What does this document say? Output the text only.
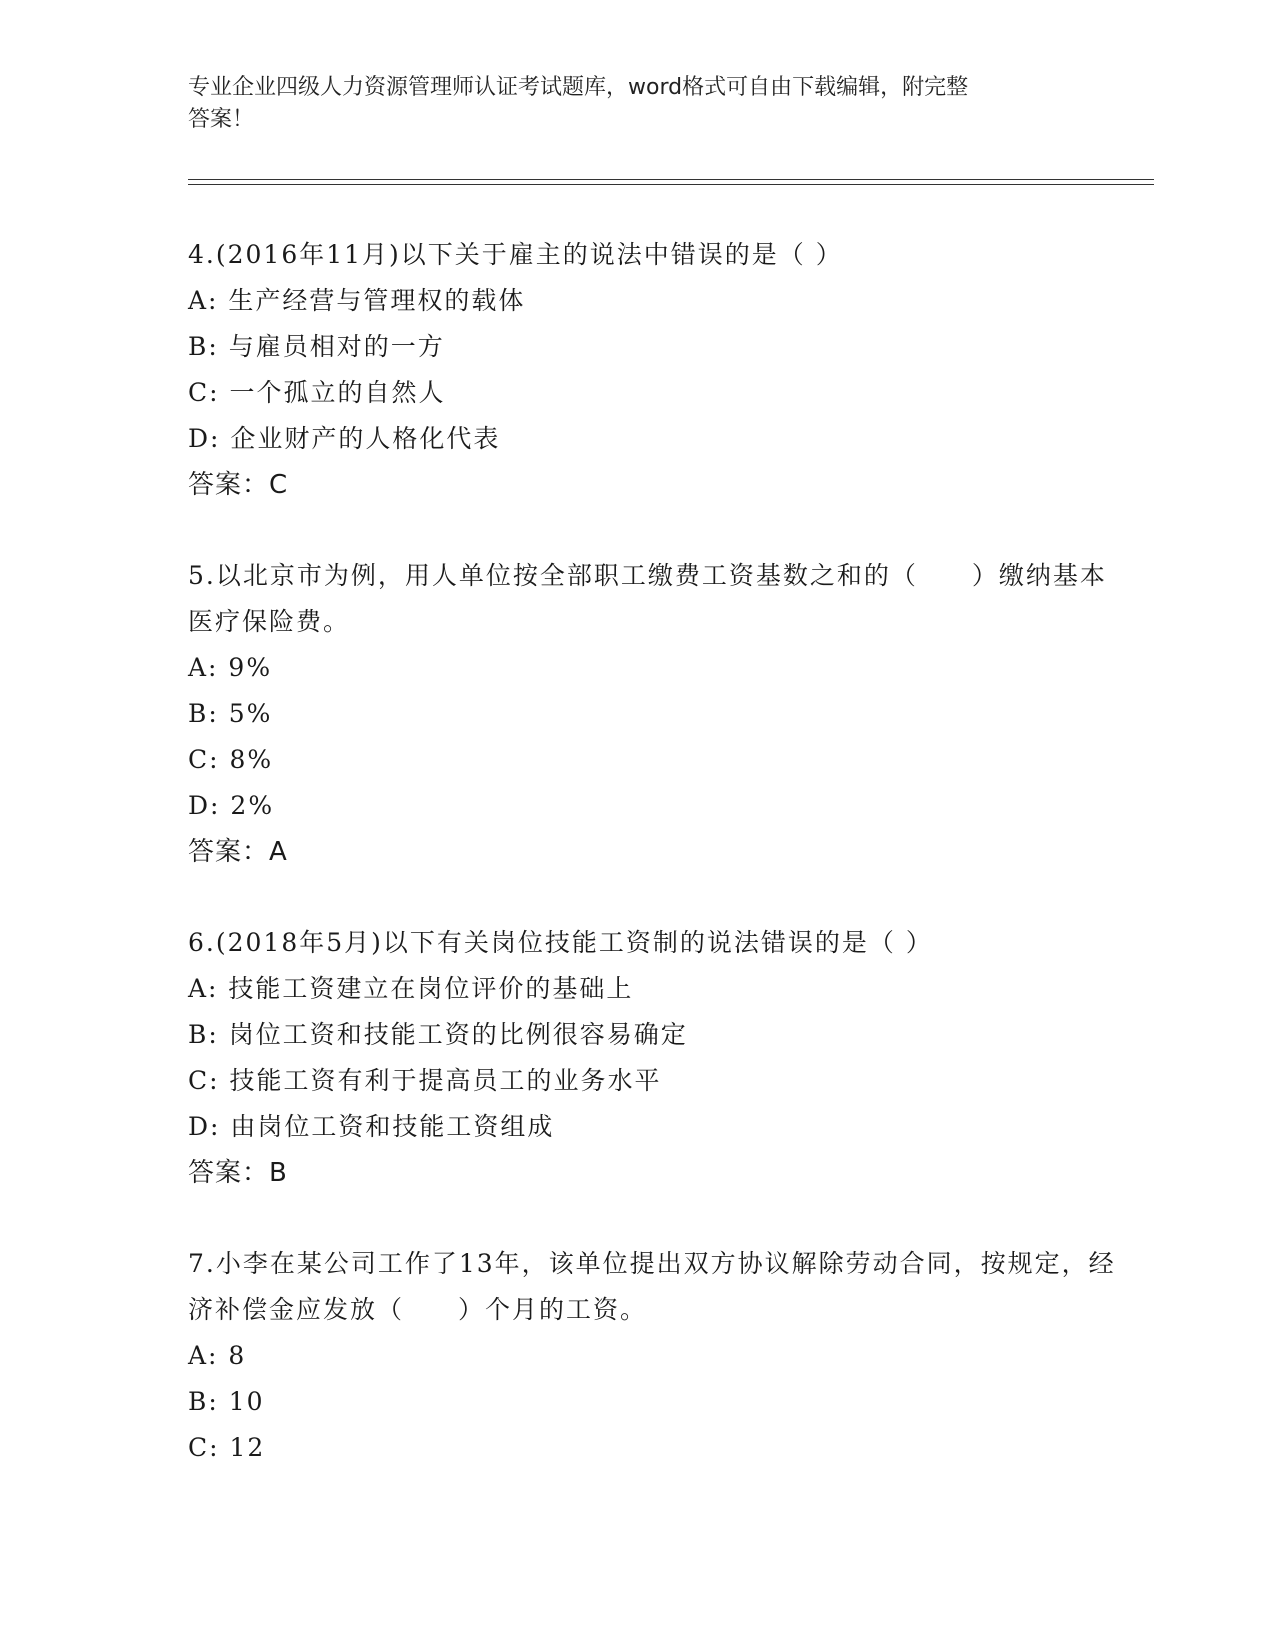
专业企业四级人力资源管理师认证考试题库，word格式可自由下载编辑，附完整
答案！
4.(2016年11月)以下关于雇主的说法中错误的是（ ）
A: 生产经营与管理权的载体
B: 与雇员相对的一方
C: 一个孤立的自然人
D: 企业财产的人格化代表
答案：C
5.以北京市为例，用人单位按全部职工缴费工资基数之和的（　　）缴纳基本医疗保险费。
A: 9%
B: 5%
C: 8%
D: 2%
答案：A
6.(2018年5月)以下有关岗位技能工资制的说法错误的是（ ）
A: 技能工资建立在岗位评价的基础上
B: 岗位工资和技能工资的比例很容易确定
C: 技能工资有利于提高员工的业务水平
D: 由岗位工资和技能工资组成
答案：B
7.小李在某公司工作了13年，该单位提出双方协议解除劳动合同，按规定，经济补偿金应发放（　　）个月的工资。
A: 8
B: 10
C: 12
